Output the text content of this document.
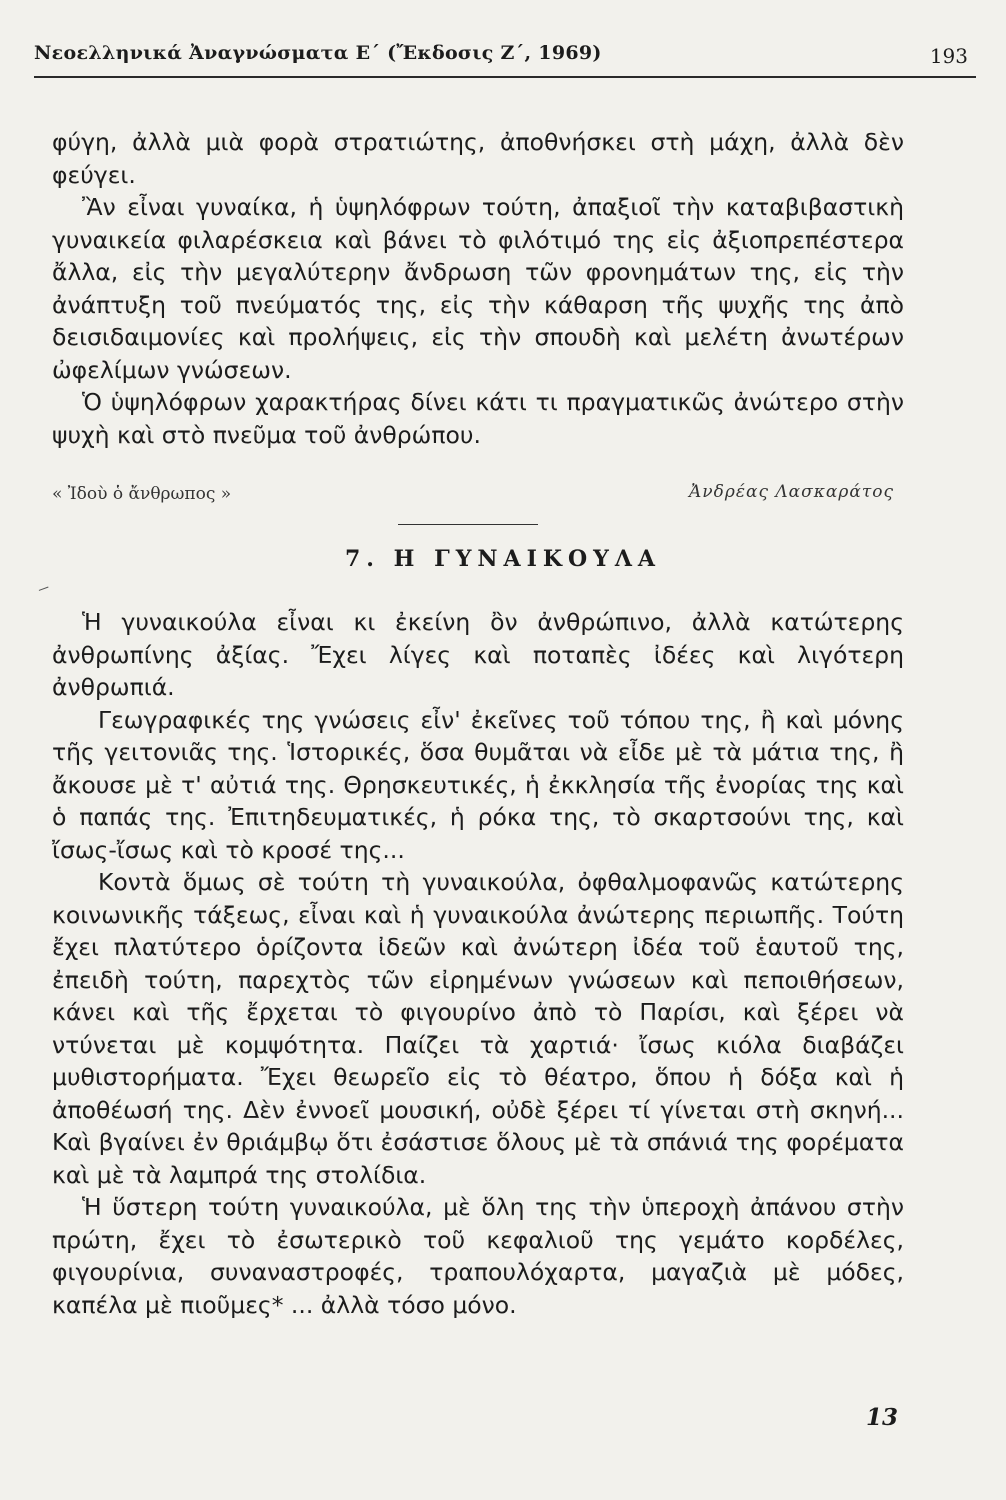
Νεοελληνικά Ἀναγνώσματα Ε΄ (Ἔκδοσις Ζ΄, 1969)	193

φύγη, ἀλλὰ μιὰ φορὰ στρατιώτης, ἀποθνήσκει στὴ μάχη, ἀλλὰ δὲν φεύγει.

Ἂν εἶναι γυναίκα, ἡ ὑψηλόφρων τούτη, ἀπαξιοῖ τὴν καταβιβαστικὴ γυναικεία φιλαρέσκεια καὶ βάνει τὸ φιλότιμό της εἰς ἀξιοπρεπέστερα ἄλλα, εἰς τὴν μεγαλύτερην ἄνδρωση τῶν φρονημάτων της, εἰς τὴν ἀνάπτυξη τοῦ πνεύματός της, εἰς τὴν κάθαρση τῆς ψυχῆς της ἀπὸ δεισιδαιμονίες καὶ προλήψεις, εἰς τὴν σπουδὴ καὶ μελέτη ἀνωτέρων ὠφελίμων γνώσεων.

Ὁ ὑψηλόφρων χαρακτήρας δίνει κάτι τι πραγματικῶς ἀνώτερο στὴν ψυχὴ καὶ στὸ πνεῦμα τοῦ ἀνθρώπου.

« Ἰδοὺ ὁ ἄνθρωπος »	Ἀνδρέας Λασκαράτος
7. Η ΓΥΝΑΙΚΟΥΛΑ

Ἡ γυναικούλα εἶναι κι ἐκείνη ὂν ἀνθρώπινο, ἀλλὰ κατώτερης ἀνθρωπίνης ἀξίας. Ἔχει λίγες καὶ ποταπὲς ἰδέες καὶ λιγότερη ἀνθρωπιά.

Γεωγραφικές της γνώσεις εἶν' ἐκεῖνες τοῦ τόπου της, ἢ καὶ μόνης τῆς γειτονιᾶς της. Ἱστορικές, ὅσα θυμᾶται νὰ εἶδε μὲ τὰ μάτια της, ἢ ἄκουσε μὲ τ' αὐτιά της. Θρησκευτικές, ἡ ἐκκλησία τῆς ἐνορίας της καὶ ὁ παπάς της. Ἐπιτηδευματικές, ἡ ρόκα της, τὸ σκαρτσούνι της, καὶ ἴσως-ἴσως καὶ τὸ κροσέ της...

Κοντὰ ὅμως σὲ τούτη τὴ γυναικούλα, ὀφθαλμοφανῶς κατώτερης κοινωνικῆς τάξεως, εἶναι καὶ ἡ γυναικούλα ἀνώτερης περιωπῆς. Τούτη ἔχει πλατύτερο ὁρίζοντα ἰδεῶν καὶ ἀνώτερη ἰδέα τοῦ ἑαυτοῦ της, ἐπειδὴ τούτη, παρεχτὸς τῶν εἰρημένων γνώσεων καὶ πεποιθήσεων, κάνει καὶ τῆς ἔρχεται τὸ φιγουρίνο ἀπὸ τὸ Παρίσι, καὶ ξέρει νὰ ντύνεται μὲ κομψότητα. Παίζει τὰ χαρτιά· ἴσως κιόλα διαβάζει μυθιστορήματα. Ἔχει θεωρεῖο εἰς τὸ θέατρο, ὅπου ἡ δόξα καὶ ἡ ἀποθέωσή της. Δὲν ἐννοεῖ μουσική, οὐδὲ ξέρει τί γίνεται στὴ σκηνή... Καὶ βγαίνει ἐν θριάμβῳ ὅτι ἐσάστισε ὅλους μὲ τὰ σπάνιά της φορέματα καὶ μὲ τὰ λαμπρά της στολίδια.

Ἡ ὕστερη τούτη γυναικούλα, μὲ ὅλη της τὴν ὑπεροχὴ ἀπάνου στὴν πρώτη, ἔχει τὸ ἐσωτερικὸ τοῦ κεφαλιοῦ της γεμάτο κορδέλες, φιγουρίνια, συναναστροφές, τραπουλόχαρτα, μαγαζιὰ μὲ μόδες, καπέλα μὲ πιοῦμες* ... ἀλλὰ τόσο μόνο.

13
